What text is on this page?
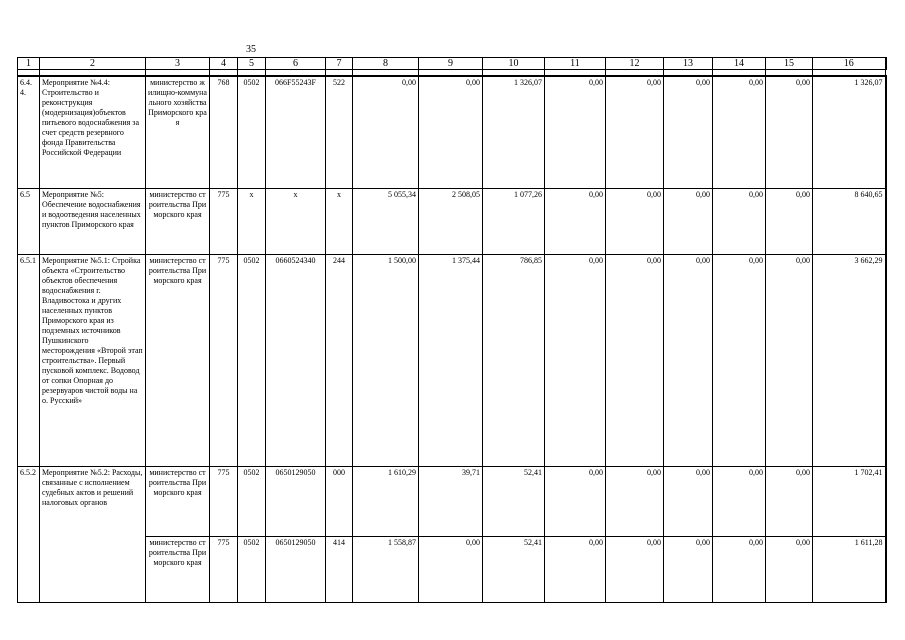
35
1	2	3	4	5	6	7	8	9	10	11	12	13	14	15	16

6.4.4.	Мероприятие №4.4: Строительство и реконструкция (модернизация)объектов питьевого водоснабжения за счет средств резервного фонда Правительства Российской Федерации	министерство жилищно-коммунального хозяйства Приморского края	768	0502	066F55243F	522	0,00	0,00	1 326,07	0,00	0,00	0,00	0,00	0,00	1 326,07
6.5	Мероприятие №5: Обеспечение водоснабжения и водоотведения населенных пунктов Приморского края	министерство строительства Приморского края	775	x	x	x	5 055,34	2 508,05	1 077,26	0,00	0,00	0,00	0,00	0,00	8 640,65
6.5.1	Мероприятие №5.1: Стройка объекта «Строительство объектов обеспечения водоснабжения г. Владивостока и других населенных пунктов Приморского края из подземных источников Пушкинского месторождения «Второй этап строительства». Первый пусковой комплекс. Водовод от сопки Опорная до резервуаров чистой воды на о. Русский»	министерство строительства Приморского края	775	0502	0660524340	244	1 500,00	1 375,44	786,85	0,00	0,00	0,00	0,00	0,00	3 662,29
6.5.2	Мероприятие №5.2: Расходы, связанные с исполнением судебных актов и решений налоговых органов	министерство строительства Приморского края	775	0502	0650129050	000	1 610,29	39,71	52,41	0,00	0,00	0,00	0,00	0,00	1 702,41
		министерство строительства Приморского края	775	0502	0650129050	414	1 558,87	0,00	52,41	0,00	0,00	0,00	0,00	0,00	1 611,28
